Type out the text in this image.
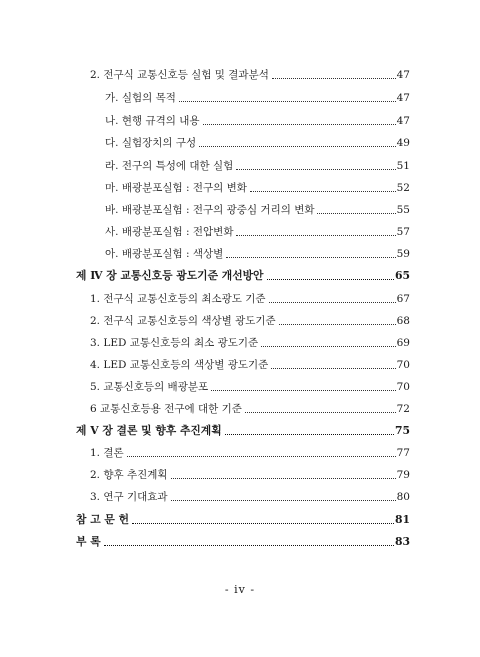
2. 전구식 교통신호등 실험 및 결과분석	47
가. 실험의 목적	47
나. 현행 규격의 내용	47
다. 실험장치의 구성	49
라. 전구의 특성에 대한 실험	51
마. 배광분포실험 : 전구의 변화	52
바. 배광분포실험 : 전구의 광중심 거리의 변화	55
사. 배광분포실험 : 전압변화	57
아. 배광분포실험 : 색상별	59
제 Ⅳ 장 교통신호등 광도기준 개선방안	65
1. 전구식 교통신호등의 최소광도 기준	67
2. 전구식 교통신호등의 색상별 광도기준	68
3. LED 교통신호등의 최소 광도기준	69
4. LED 교통신호등의 색상별 광도기준	70
5. 교통신호등의 배광분포	70
6 교통신호등용 전구에 대한 기준	72
제 Ⅴ 장 결론 및 향후 추진계획	75
1. 결론	77
2. 향후 추진계획	79
3. 연구 기대효과	80
참 고 문 헌	81
부 록	83
- iv -
